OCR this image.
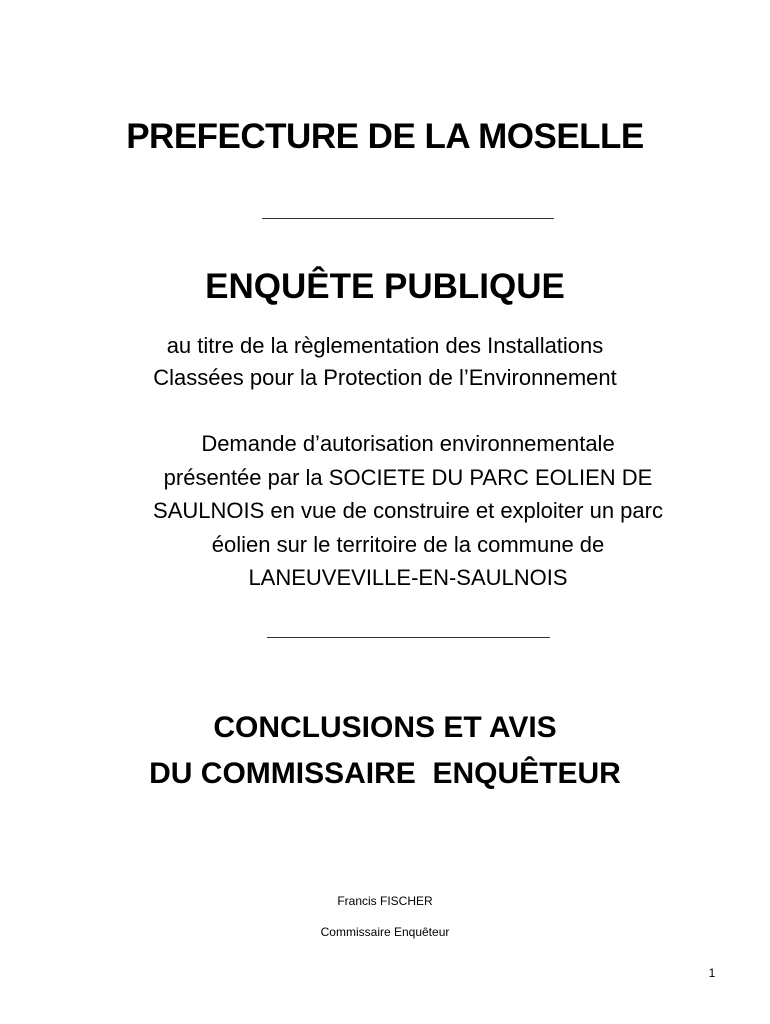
PREFECTURE DE LA MOSELLE
ENQUÊTE PUBLIQUE

au titre de la règlementation des Installations
Classées pour la Protection de l’Environnement

Demande d’autorisation environnementale
présentée par la SOCIETE DU PARC EOLIEN DE
SAULNOIS en vue de construire et exploiter un parc
éolien sur le territoire de la commune de
LANEUVEVILLE-EN-SAULNOIS

CONCLUSIONS ET AVIS
DU COMMISSAIRE  ENQUÊTEUR

Francis FISCHER

Commissaire Enquêteur

1
